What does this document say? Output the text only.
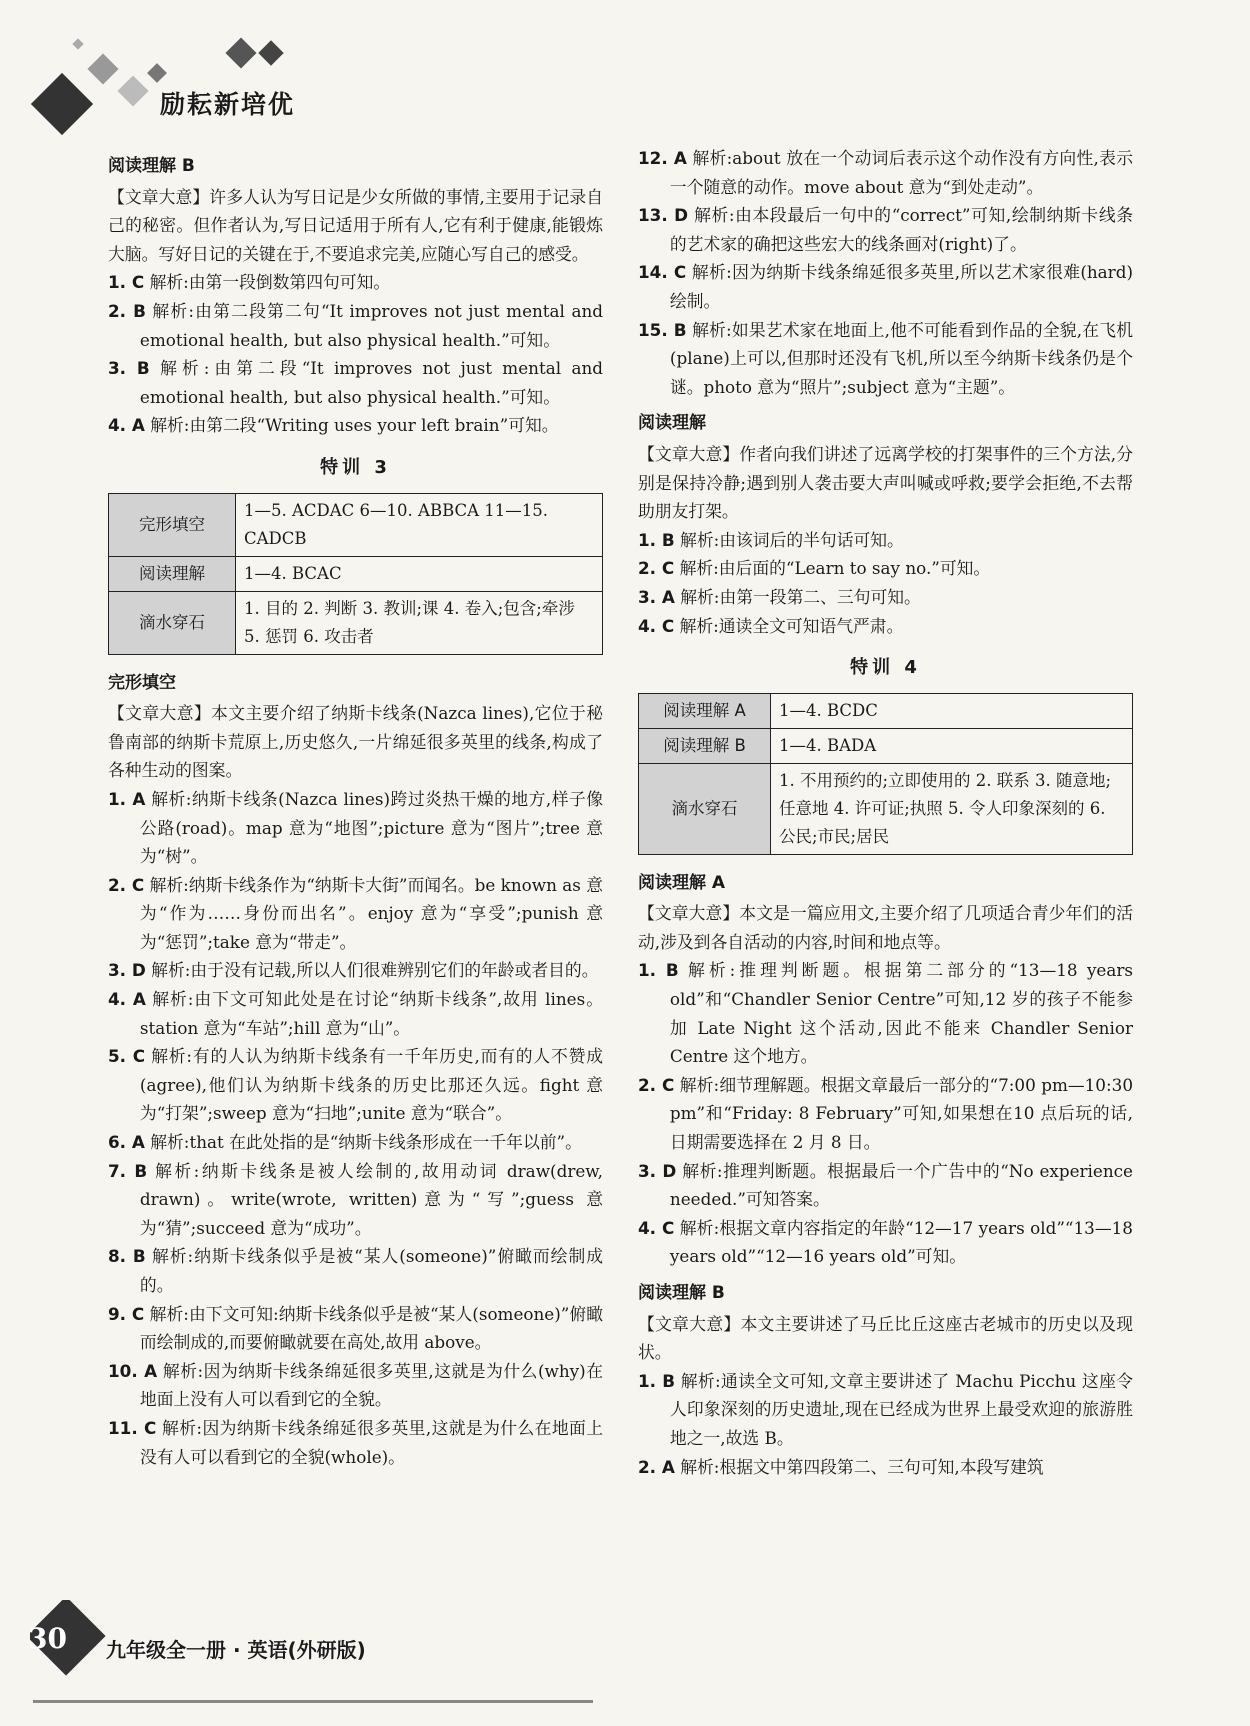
励耘新培优
阅读理解 B
【文章大意】许多人认为写日记是少女所做的事情,主要用于记录自己的秘密。但作者认为,写日记适用于所有人,它有利于健康,能锻炼大脑。写好日记的关键在于,不要追求完美,应随心写自己的感受。
1. C 解析:由第一段倒数第四句可知。
2. B 解析:由第二段第二句“It improves not just mental and emotional health, but also physical health.”可知。
3. B 解析:由第二段“It improves not just mental and emotional health, but also physical health.”可知。
4. A 解析:由第二段“Writing uses your left brain”可知。
特训 3
完形填空	1—5. ACDAC 6—10. ABBCA 11—15. CADCB
阅读理解	1—4. BCAC
滴水穿石	1. 目的 2. 判断 3. 教训;课 4. 卷入;包含;牵涉 5. 惩罚 6. 攻击者
完形填空
【文章大意】本文主要介绍了纳斯卡线条(Nazca lines),它位于秘鲁南部的纳斯卡荒原上,历史悠久,一片绵延很多英里的线条,构成了各种生动的图案。
1. A 解析:纳斯卡线条(Nazca lines)跨过炎热干燥的地方,样子像公路(road)。map 意为“地图”;picture 意为“图片”;tree 意为“树”。
2. C 解析:纳斯卡线条作为“纳斯卡大街”而闻名。be known as 意为“作为……身份而出名”。enjoy 意为“享受”;punish 意为“惩罚”;take 意为“带走”。
3. D 解析:由于没有记载,所以人们很难辨别它们的年龄或者目的。
4. A 解析:由下文可知此处是在讨论“纳斯卡线条”,故用 lines。station 意为“车站”;hill 意为“山”。
5. C 解析:有的人认为纳斯卡线条有一千年历史,而有的人不赞成(agree),他们认为纳斯卡线条的历史比那还久远。fight 意为“打架”;sweep 意为“扫地”;unite 意为“联合”。
6. A 解析:that 在此处指的是“纳斯卡线条形成在一千年以前”。
7. B 解析:纳斯卡线条是被人绘制的,故用动词 draw(drew, drawn)。write(wrote, written)意为“写”;guess 意为“猜”;succeed 意为“成功”。
8. B 解析:纳斯卡线条似乎是被“某人(someone)”俯瞰而绘制成的。
9. C 解析:由下文可知:纳斯卡线条似乎是被“某人(someone)”俯瞰而绘制成的,而要俯瞰就要在高处,故用 above。
10. A 解析:因为纳斯卡线条绵延很多英里,这就是为什么(why)在地面上没有人可以看到它的全貌。
11. C 解析:因为纳斯卡线条绵延很多英里,这就是为什么在地面上没有人可以看到它的全貌(whole)。
12. A 解析:about 放在一个动词后表示这个动作没有方向性,表示一个随意的动作。move about 意为“到处走动”。
13. D 解析:由本段最后一句中的“correct”可知,绘制纳斯卡线条的艺术家的确把这些宏大的线条画对(right)了。
14. C 解析:因为纳斯卡线条绵延很多英里,所以艺术家很难(hard)绘制。
15. B 解析:如果艺术家在地面上,他不可能看到作品的全貌,在飞机(plane)上可以,但那时还没有飞机,所以至今纳斯卡线条仍是个谜。photo 意为“照片”;subject 意为“主题”。
阅读理解
【文章大意】作者向我们讲述了远离学校的打架事件的三个方法,分别是保持冷静;遇到别人袭击要大声叫喊或呼救;要学会拒绝,不去帮助朋友打架。
1. B 解析:由该词后的半句话可知。
2. C 解析:由后面的“Learn to say no.”可知。
3. A 解析:由第一段第二、三句可知。
4. C 解析:通读全文可知语气严肃。
特训 4
阅读理解 A	1—4. BCDC
阅读理解 B	1—4. BADA
滴水穿石	1. 不用预约的;立即使用的 2. 联系 3. 随意地;任意地 4. 许可证;执照 5. 令人印象深刻的 6. 公民;市民;居民
阅读理解 A
【文章大意】本文是一篇应用文,主要介绍了几项适合青少年们的活动,涉及到各自活动的内容,时间和地点等。
1. B 解析:推理判断题。根据第二部分的“13—18 years old”和“Chandler Senior Centre”可知,12 岁的孩子不能参加 Late Night 这个活动,因此不能来 Chandler Senior Centre 这个地方。
2. C 解析:细节理解题。根据文章最后一部分的“7:00 pm—10:30 pm”和“Friday: 8 February”可知,如果想在10 点后玩的话,日期需要选择在 2 月 8 日。
3. D 解析:推理判断题。根据最后一个广告中的“No experience needed.”可知答案。
4. C 解析:根据文章内容指定的年龄“12—17 years old”“13—18 years old”“12—16 years old”可知。
阅读理解 B
【文章大意】本文主要讲述了马丘比丘这座古老城市的历史以及现状。
1. B 解析:通读全文可知,文章主要讲述了 Machu Picchu 这座令人印象深刻的历史遗址,现在已经成为世界上最受欢迎的旅游胜地之一,故选 B。
2. A 解析:根据文中第四段第二、三句可知,本段写建筑
30 九年级全一册 · 英语(外研版)
